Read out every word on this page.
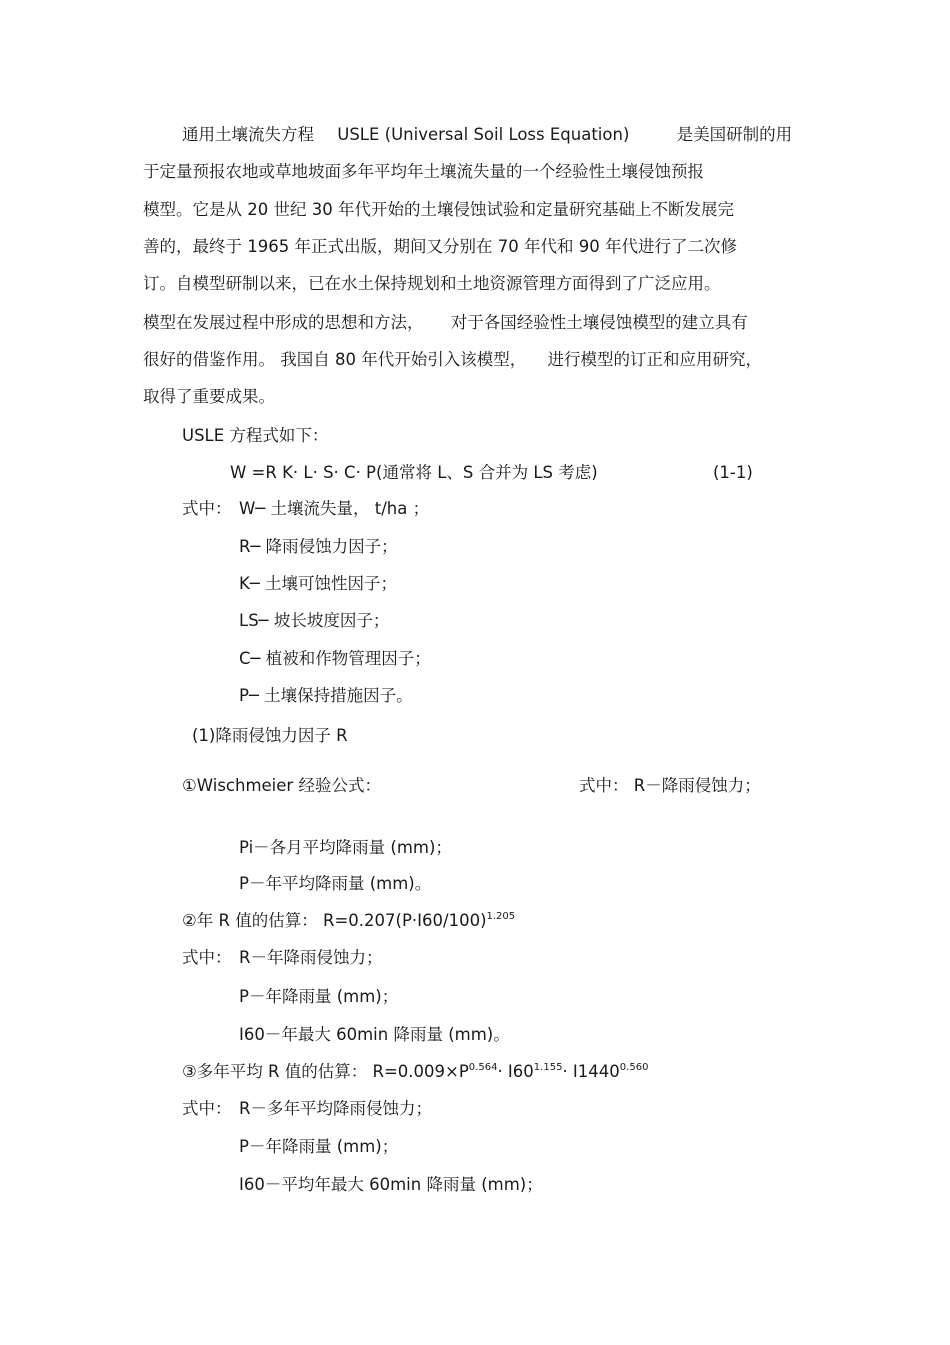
通用土壤流失方程 USLE (Universal Soil Loss Equation)	是美国研制的用
于定量预报农地或草地坡面多年平均年土壤流失量的一个经验性土壤侵蚀预报
模型。它是从 20 世纪 30 年代开始的土壤侵蚀试验和定量研究基础上不断发展完
善的，最终于 1965 年正式出版，期间又分别在 70 年代和 90 年代进行了二次修
订。自模型研制以来，已在水土保持规划和土地资源管理方面得到了广泛应用。
模型在发展过程中形成的思想和方法， 对于各国经验性土壤侵蚀模型的建立具有
很好的借鉴作用。 我国自 80 年代开始引入该模型， 进行模型的订正和应用研究，
取得了重要成果。
USLE 方程式如下：
W =R K· L· S· C· P(通常将 L、S 合并为 LS 考虑)	(1-1)
式中： W─ 土壤流失量， t/ha ；
R─ 降雨侵蚀力因子；
K─ 土壤可蚀性因子；
LS─ 坡长坡度因子；
C─ 植被和作物管理因子；
P─ 土壤保持措施因子。
(1)降雨侵蚀力因子 R
①Wischmeier 经验公式：	式中： R－降雨侵蚀力；
Pi－各月平均降雨量 (mm)；
P－年平均降雨量 (mm)。
②年 R 值的估算： $R=0.207(P\cdot I60/100)^{1.205}$
式中： R－年降雨侵蚀力；
P－年降雨量 (mm)；
I60－年最大 60min 降雨量 (mm)。
③多年平均 R 值的估算： $R=0.009\times P^{0.564}\cdot I60^{1.155}\cdot I1440^{0.560}$
式中： R－多年平均降雨侵蚀力；
P－年降雨量 (mm)；
I60－平均年最大 60min 降雨量 (mm)；
